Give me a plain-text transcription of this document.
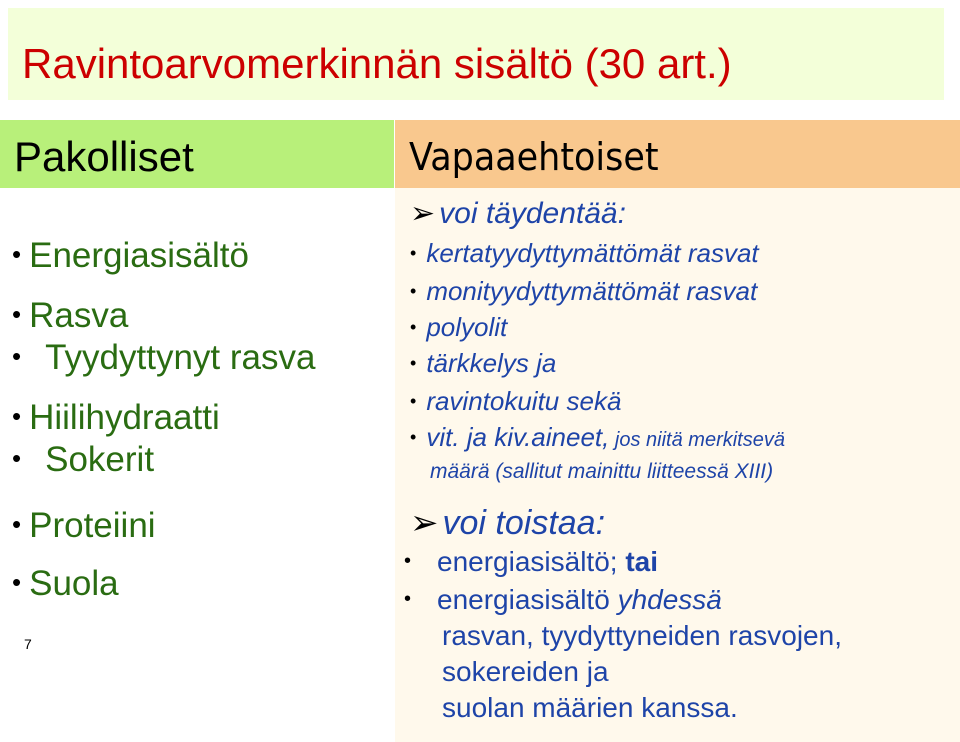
Ravintoarvomerkinnän sisältö (30 art.)
Pakolliset	Vapaaehtoiset
• Energiasisältö
• Rasva
• Tyydyttynyt rasva
• Hiilihydraatti
• Sokerit
• Proteiini
• Suola
7
➢ voi täydentää:
• kertatyydyttymättömät rasvat
• monityydyttymättömät rasvat
• polyolit
• tärkkelys ja
• ravintokuitu sekä
• vit. ja kiv.aineet, jos niitä merkitsevä
määrä (sallitut mainittu liitteessä XIII)
➢ voi toistaa:
• energiasisältö; tai
• energiasisältö yhdessä
rasvan, tyydyttyneiden rasvojen,
sokereiden ja
suolan määrien kanssa.
